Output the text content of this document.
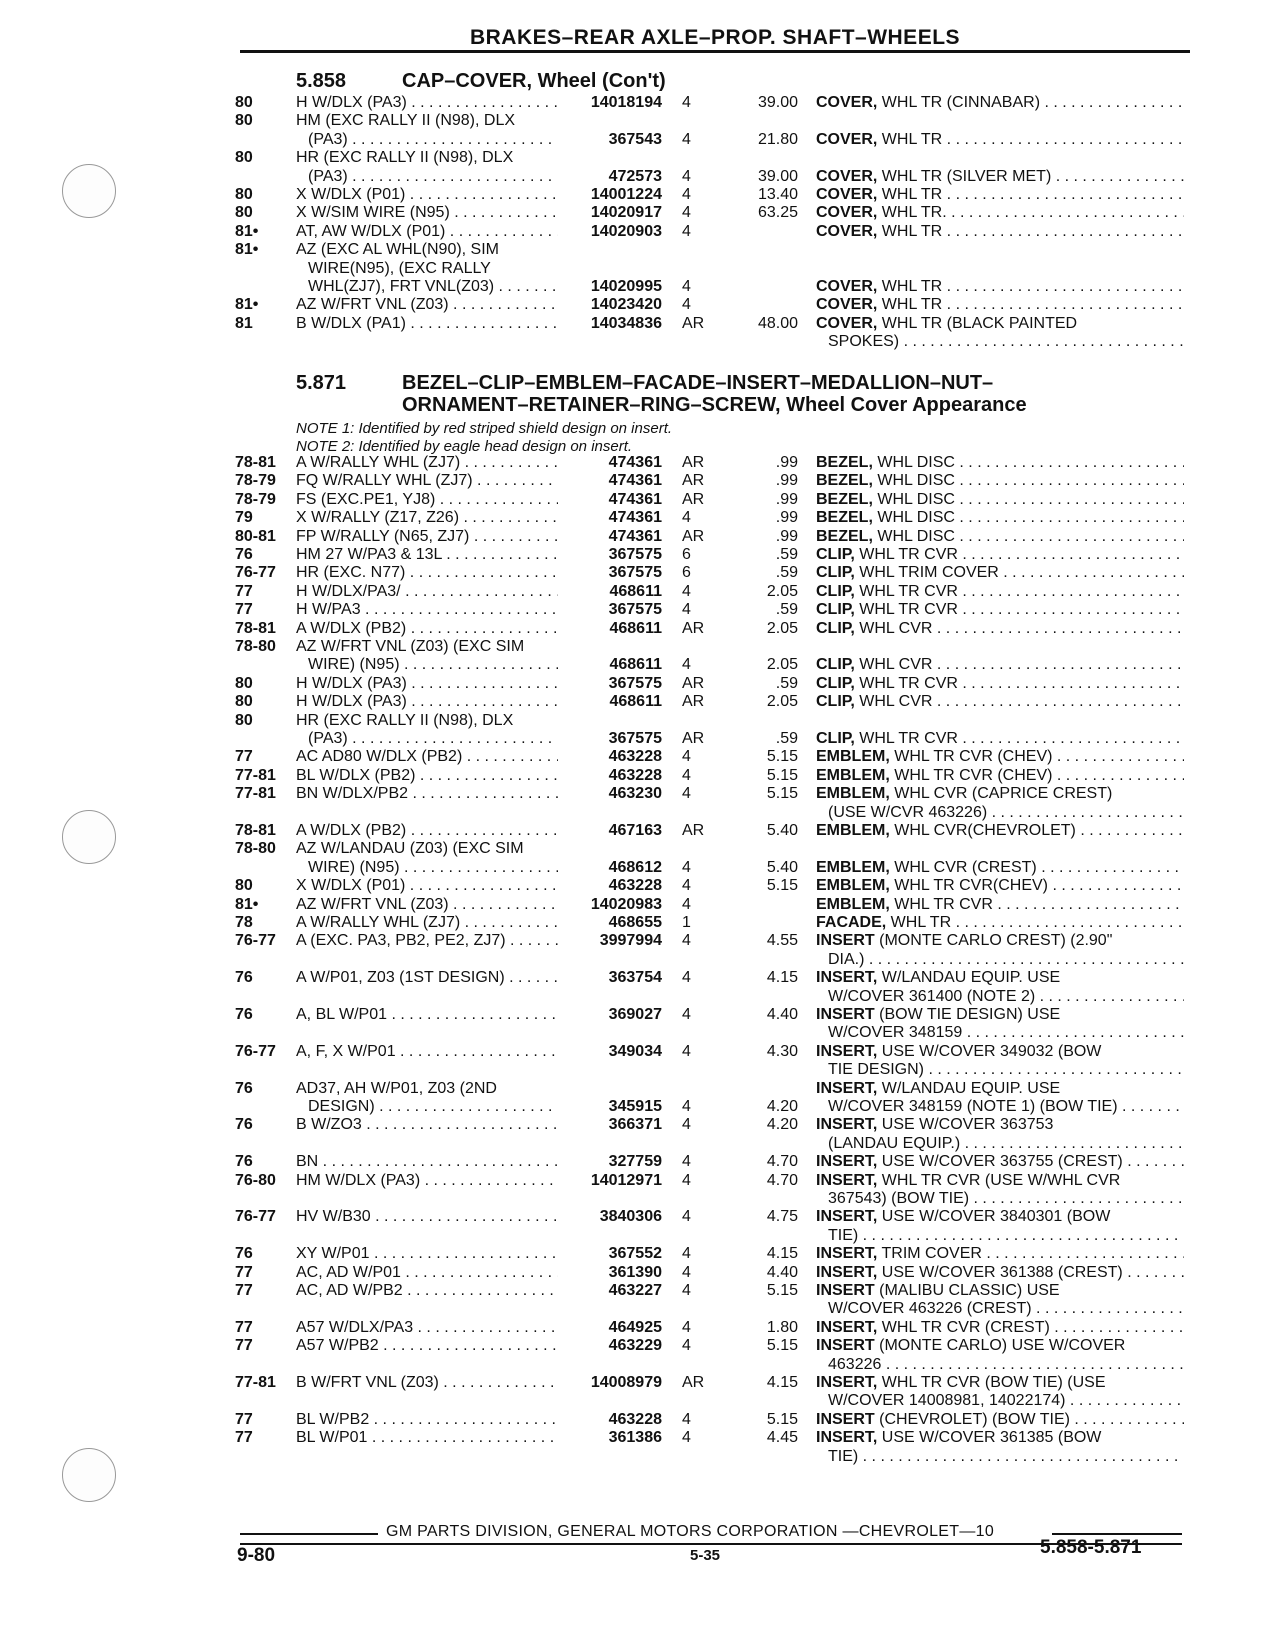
BRAKES–REAR AXLE–PROP. SHAFT–WHEELS
5.858	CAP–COVER, Wheel (Con't)
80	H W/DLX (PA3) . . .	14018194 4	39.00 COVER, WHL TR (CINNABAR) . . .
80	HM (EXC RALLY II (N98), DLX
(PA3) . . .	367543 4	21.80 COVER, WHL TR . . .
80	HR (EXC RALLY II (N98), DLX
(PA3) . . .	472573 4	39.00 COVER, WHL TR (SILVER MET) . . .
80	X W/DLX (P01) . . .	14001224 4	13.40 COVER, WHL TR . . .
80	X W/SIM WIRE (N95) . . .	14020917 4	63.25 COVER, WHL TR. . . .
81•	AT, AW W/DLX (P01) . . .	14020903 4	COVER, WHL TR . . .
81•	AZ (EXC AL WHL(N90), SIM
WIRE(N95), (EXC RALLY
WHL(ZJ7), FRT VNL(Z03) . . .	14020995 4	COVER, WHL TR . . .
81•	AZ W/FRT VNL (Z03) . . .	14023420 4	COVER, WHL TR . . .
81	B W/DLX (PA1) . . .	14034836 AR	48.00 COVER, WHL TR (BLACK PAINTED
SPOKES) . . .
5.871	BEZEL–CLIP–EMBLEM–FACADE–INSERT–MEDALLION–NUT–
ORNAMENT–RETAINER–RING–SCREW, Wheel Cover Appearance
NOTE 1: Identified by red striped shield design on insert.
NOTE 2: Identified by eagle head design on insert.
78-81	A W/RALLY WHL (ZJ7) . . .	474361 AR	.99 BEZEL, WHL DISC . . .
78-79	FQ W/RALLY WHL (ZJ7) . . .	474361 AR	.99 BEZEL, WHL DISC . . .
78-79	FS (EXC.PE1, YJ8) . . .	474361 AR	.99 BEZEL, WHL DISC . . .
79	X W/RALLY (Z17, Z26) . . .	474361 4	.99 BEZEL, WHL DISC . . .
80-81	FP W/RALLY (N65, ZJ7) . . .	474361 AR	.99 BEZEL, WHL DISC . . .
76	HM 27 W/PA3 & 13L . . .	367575 6	.59 CLIP, WHL TR CVR . . .
76-77	HR (EXC. N77) . . .	367575 6	.59 CLIP, WHL TRIM COVER . . .
77	H W/DLX/PA3/ . . .	468611 4	2.05 CLIP, WHL TR CVR . . .
77	H W/PA3 . . .	367575 4	.59 CLIP, WHL TR CVR . . .
78-81	A W/DLX (PB2) . . .	468611 AR	2.05 CLIP, WHL CVR . . .
78-80	AZ W/FRT VNL (Z03) (EXC SIM
WIRE) (N95) . . .	468611 4	2.05 CLIP, WHL CVR . . .
80	H W/DLX (PA3) . . .	367575 AR	.59 CLIP, WHL TR CVR . . .
80	H W/DLX (PA3) . . .	468611 AR	2.05 CLIP, WHL CVR . . .
80	HR (EXC RALLY II (N98), DLX
(PA3) . . .	367575 AR	.59 CLIP, WHL TR CVR . . .
77	AC AD80 W/DLX (PB2) . . .	463228 4	5.15 EMBLEM, WHL TR CVR (CHEV) . . .
77-81	BL W/DLX (PB2) . . .	463228 4	5.15 EMBLEM, WHL TR CVR (CHEV) . . .
77-81	BN W/DLX/PB2 . . .	463230 4	5.15 EMBLEM, WHL CVR (CAPRICE CREST)
(USE W/CVR 463226) . . .
78-81	A W/DLX (PB2) . . .	467163 AR	5.40 EMBLEM, WHL CVR(CHEVROLET) . . .
78-80	AZ W/LANDAU (Z03) (EXC SIM
WIRE) (N95) . . .	468612 4	5.40 EMBLEM, WHL CVR (CREST) . . .
80	X W/DLX (P01) . . .	463228 4	5.15 EMBLEM, WHL TR CVR(CHEV) . . .
81•	AZ W/FRT VNL (Z03) . . .	14020983 4	EMBLEM, WHL TR CVR . . .
78	A W/RALLY WHL (ZJ7) . . .	468655 1	FACADE, WHL TR . . .
76-77	A (EXC. PA3, PB2, PE2, ZJ7) . . .	3997994 4	4.55 INSERT (MONTE CARLO CREST) (2.90"
DIA.) . . .
76	A W/P01, Z03 (1ST DESIGN) . . .	363754 4	4.15 INSERT, W/LANDAU EQUIP. USE
W/COVER 361400 (NOTE 2) . . .
76	A, BL W/P01 . . .	369027 4	4.40 INSERT (BOW TIE DESIGN) USE
W/COVER 348159 . . .
76-77	A, F, X W/P01 . . .	349034 4	4.30 INSERT, USE W/COVER 349032 (BOW
TIE DESIGN) . . .
76	AD37, AH W/P01, Z03 (2ND
DESIGN) . . .	345915 4	4.20
INSERT, W/LANDAU EQUIP. USE
W/COVER 348159 (NOTE 1) (BOW TIE) . . .
76	B W/ZO3 . . .	366371 4	4.20 INSERT, USE W/COVER 363753
(LANDAU EQUIP.) . . .
76	BN . . .	327759 4	4.70 INSERT, USE W/COVER 363755 (CREST) . . .
76-80	HM W/DLX (PA3) . . .	14012971 4	4.70 INSERT, WHL TR CVR (USE W/WHL CVR
367543) (BOW TIE) . . .
76-77	HV W/B30 . . .	3840306 4	4.75 INSERT, USE W/COVER 3840301 (BOW
TIE) . . .
76	XY W/P01 . . .	367552 4	4.15 INSERT, TRIM COVER . . .
77	AC, AD W/P01 . . .	361390 4	4.40 INSERT, USE W/COVER 361388 (CREST) . . .
77	AC, AD W/PB2 . . .	463227 4	5.15 INSERT (MALIBU CLASSIC) USE
W/COVER 463226 (CREST) . . .
77	A57 W/DLX/PA3 . . .	464925 4	1.80 INSERT, WHL TR CVR (CREST) . . .
77	A57 W/PB2 . . .	463229 4	5.15 INSERT (MONTE CARLO) USE W/COVER
463226 . . .
77-81	B W/FRT VNL (Z03) . . .	14008979 AR	4.15 INSERT, WHL TR CVR (BOW TIE) (USE
W/COVER 14008981, 14022174) . . .
77	BL W/PB2 . . .	463228 4	5.15 INSERT (CHEVROLET) (BOW TIE) . . .
77	BL W/P01 . . .	361386 4	4.45 INSERT, USE W/COVER 361385 (BOW
TIE) . . .
GM PARTS DIVISION, GENERAL MOTORS CORPORATION —CHEVROLET—10
9-80	5-35	5.858-5.871
